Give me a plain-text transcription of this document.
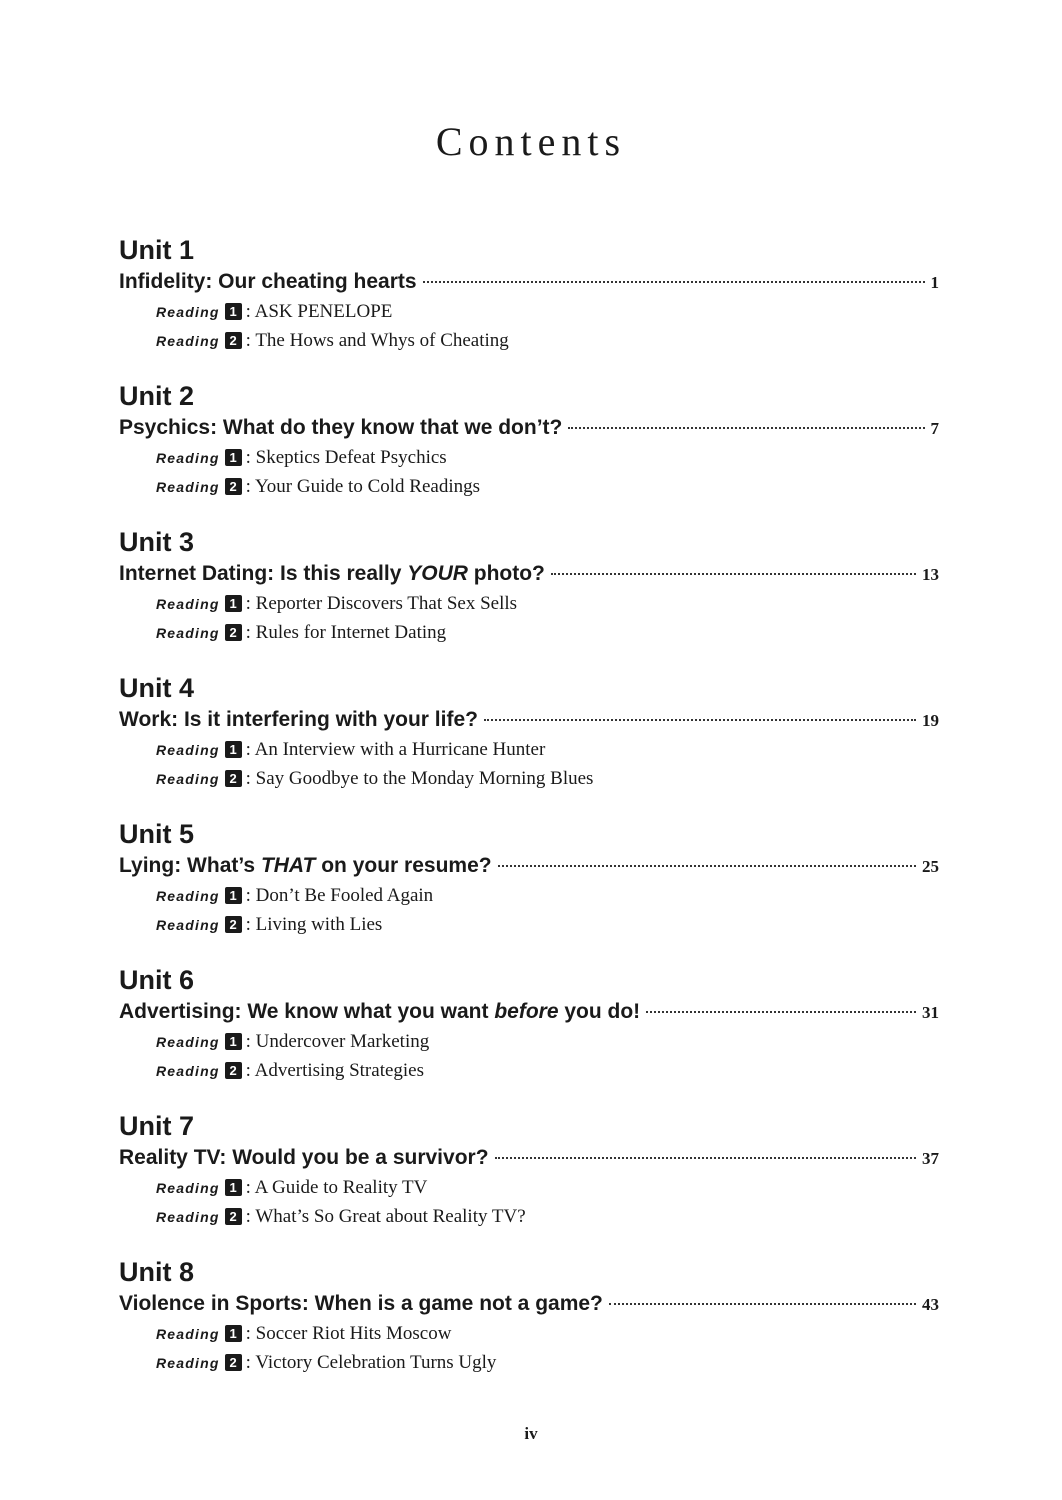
Contents
Unit 1
Infidelity: Our cheating hearts	1
Reading 1 : ASK PENELOPE
Reading 2 : The Hows and Whys of Cheating
Unit 2
Psychics: What do they know that we don’t?	7
Reading 1 : Skeptics Defeat Psychics
Reading 2 : Your Guide to Cold Readings
Unit 3
Internet Dating: Is this really YOUR photo?	13
Reading 1 : Reporter Discovers That Sex Sells
Reading 2 : Rules for Internet Dating
Unit 4
Work: Is it interfering with your life?	19
Reading 1 : An Interview with a Hurricane Hunter
Reading 2 : Say Goodbye to the Monday Morning Blues
Unit 5
Lying: What’s THAT on your resume?	25
Reading 1 : Don’t Be Fooled Again
Reading 2 : Living with Lies
Unit 6
Advertising: We know what you want before you do!	31
Reading 1 : Undercover Marketing
Reading 2 : Advertising Strategies
Unit 7
Reality TV: Would you be a survivor?	37
Reading 1 : A Guide to Reality TV
Reading 2 : What’s So Great about Reality TV?
Unit 8
Violence in Sports: When is a game not a game?	43
Reading 1 : Soccer Riot Hits Moscow
Reading 2 : Victory Celebration Turns Ugly
iv
